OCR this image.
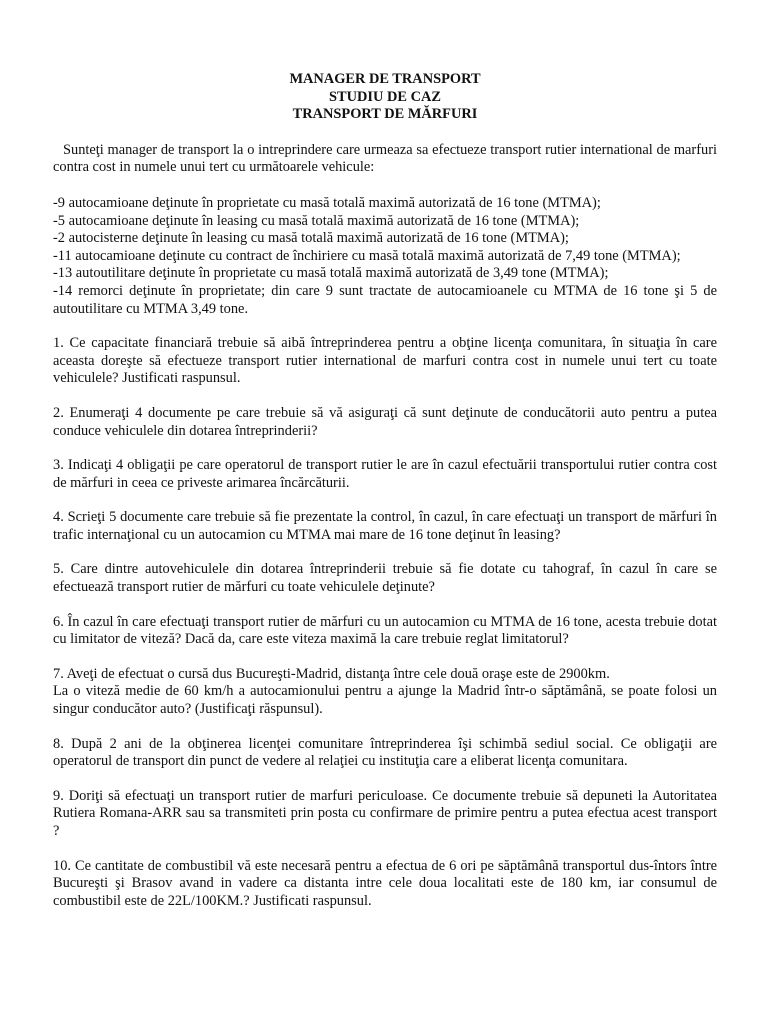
MANAGER DE TRANSPORT
STUDIU DE CAZ
TRANSPORT DE MĂRFURI
Sunteţi manager de transport la o intreprindere care urmeaza sa efectueze transport rutier international de marfuri contra cost in numele unui tert cu următoarele vehicule:
-9 autocamioane deţinute în proprietate cu masă totală maximă autorizată de 16 tone (MTMA);
-5 autocamioane deţinute în leasing cu masă totală maximă autorizată de 16 tone (MTMA);
-2 autocisterne deţinute în leasing cu masă totală maximă autorizată de 16 tone (MTMA);
-11 autocamioane deţinute cu contract de închiriere cu masă totală maximă autorizată de 7,49 tone (MTMA);
-13 autoutilitare deţinute în proprietate cu masă totală maximă autorizată de 3,49 tone (MTMA);
-14 remorci deţinute în proprietate; din care 9 sunt tractate de autocamioanele cu MTMA de 16 tone şi 5 de autoutilitare cu MTMA 3,49 tone.
1. Ce capacitate financiară trebuie să aibă întreprinderea pentru a obţine licenţa comunitara, în situaţia în care aceasta doreşte să efectueze transport rutier international de marfuri contra cost in numele unui tert cu toate vehiculele? Justificati raspunsul.
2. Enumeraţi 4 documente pe care trebuie să vă asiguraţi că sunt deţinute de conducătorii auto pentru a putea conduce vehiculele din dotarea întreprinderii?
3. Indicaţi 4 obligaţii pe care operatorul de transport rutier le are în cazul efectuării transportului rutier contra cost de mărfuri in ceea ce priveste arimarea încărcăturii.
4. Scrieţi 5 documente care trebuie să fie prezentate la control, în cazul, în care efectuaţi un transport de mărfuri în trafic internaţional cu un autocamion cu MTMA mai mare de 16 tone deţinut în leasing?
5. Care dintre autovehiculele din dotarea întreprinderii trebuie să fie dotate cu tahograf, în cazul în care se efectuează transport rutier de mărfuri cu toate vehiculele deţinute?
6. În cazul în care efectuaţi transport rutier de mărfuri cu un autocamion cu MTMA de 16 tone, acesta trebuie dotat cu limitator de viteză? Dacă da, care este viteza maximă la care trebuie reglat limitatorul?
7. Aveţi de efectuat o cursă dus Bucureşti-Madrid, distanţa între cele două oraşe este de 2900km.
La o viteză medie de 60 km/h a autocamionului pentru a ajunge la Madrid într-o săptămână, se poate folosi un singur conducător auto? (Justificaţi răspunsul).
8. După 2 ani de la obţinerea licenţei comunitare întreprinderea îşi schimbă sediul social. Ce obligaţii are operatorul de transport din punct de vedere al relaţiei cu instituţia care a eliberat licenţa comunitara.
9. Doriţi să efectuaţi un transport rutier de marfuri periculoase. Ce documente trebuie să depuneti la Autoritatea Rutiera Romana-ARR sau sa transmiteti prin posta cu confirmare de primire pentru a putea efectua acest transport ?
10. Ce cantitate de combustibil vă este necesară pentru a efectua de 6 ori pe săptămână transportul dus-întors între Bucureşti şi Brasov avand in vadere ca distanta intre cele doua localitati este de 180 km, iar consumul de combustibil este de 22L/100KM.? Justificati raspunsul.
